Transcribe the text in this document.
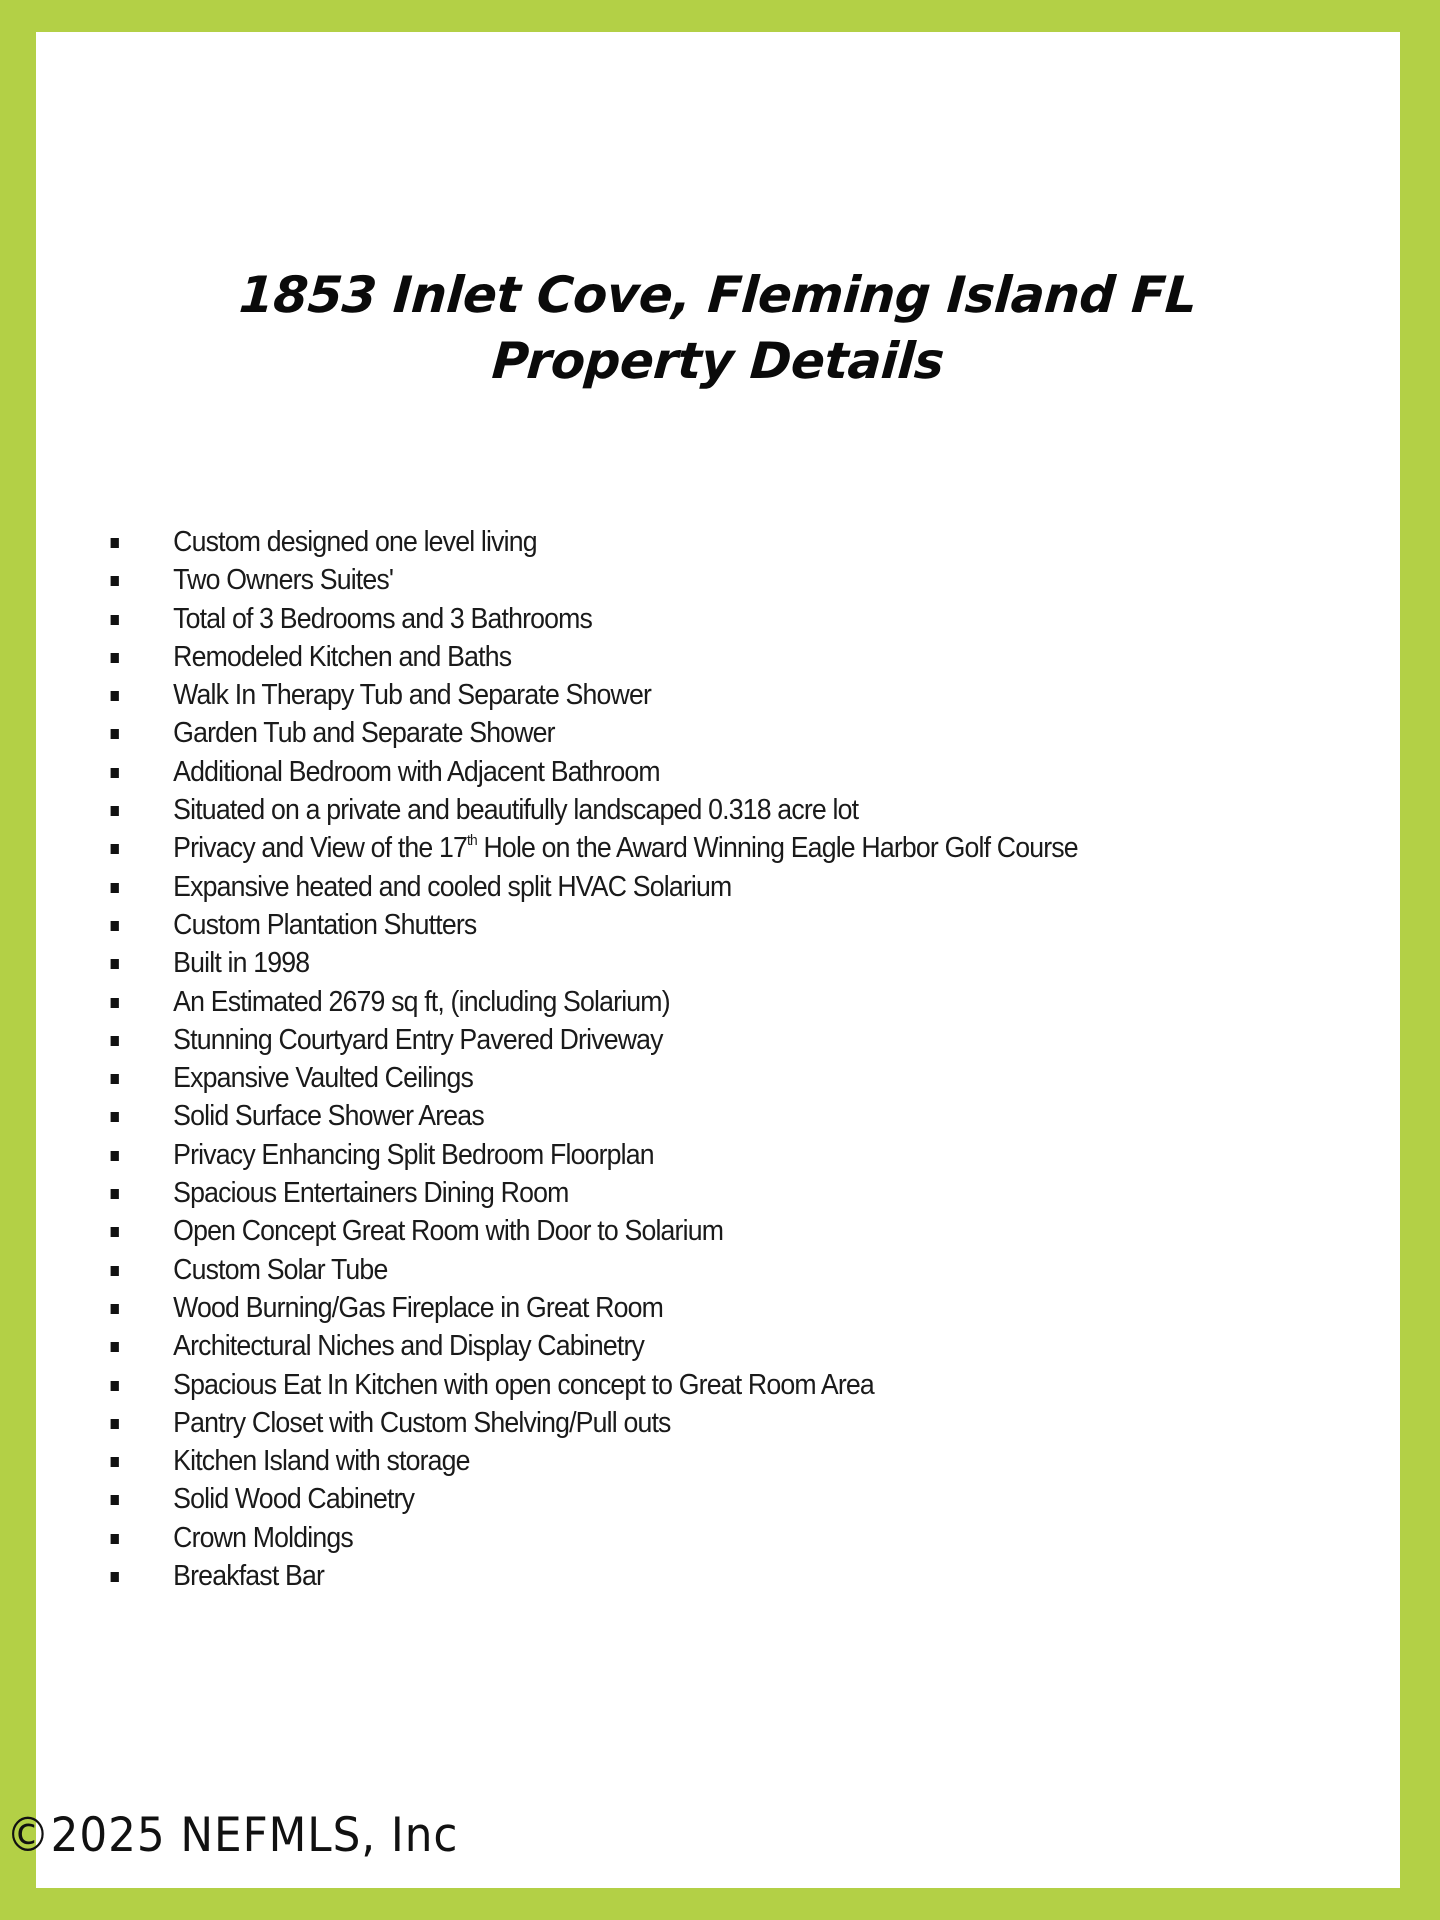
1853 Inlet Cove, Fleming Island FL
Property Details
Custom designed one level living
Two Owners Suites'
Total of 3 Bedrooms and 3 Bathrooms
Remodeled Kitchen and Baths
Walk In Therapy Tub and Separate Shower
Garden Tub and Separate Shower
Additional Bedroom with Adjacent Bathroom
Situated on a private and beautifully landscaped 0.318 acre lot
Privacy and View of the 17th Hole on the Award Winning Eagle Harbor Golf Course
Expansive heated and cooled split HVAC Solarium
Custom Plantation Shutters
Built in 1998
An Estimated 2679 sq ft, (including Solarium)
Stunning Courtyard Entry Pavered Driveway
Expansive Vaulted Ceilings
Solid Surface Shower Areas
Privacy Enhancing Split Bedroom Floorplan
Spacious Entertainers Dining Room
Open Concept Great Room with Door to Solarium
Custom Solar Tube
Wood Burning/Gas Fireplace in Great Room
Architectural Niches and Display Cabinetry
Spacious Eat In Kitchen with open concept to Great Room Area
Pantry Closet with Custom Shelving/Pull outs
Kitchen Island with storage
Solid Wood Cabinetry
Crown Moldings
Breakfast Bar
©2025 NEFMLS, Inc
